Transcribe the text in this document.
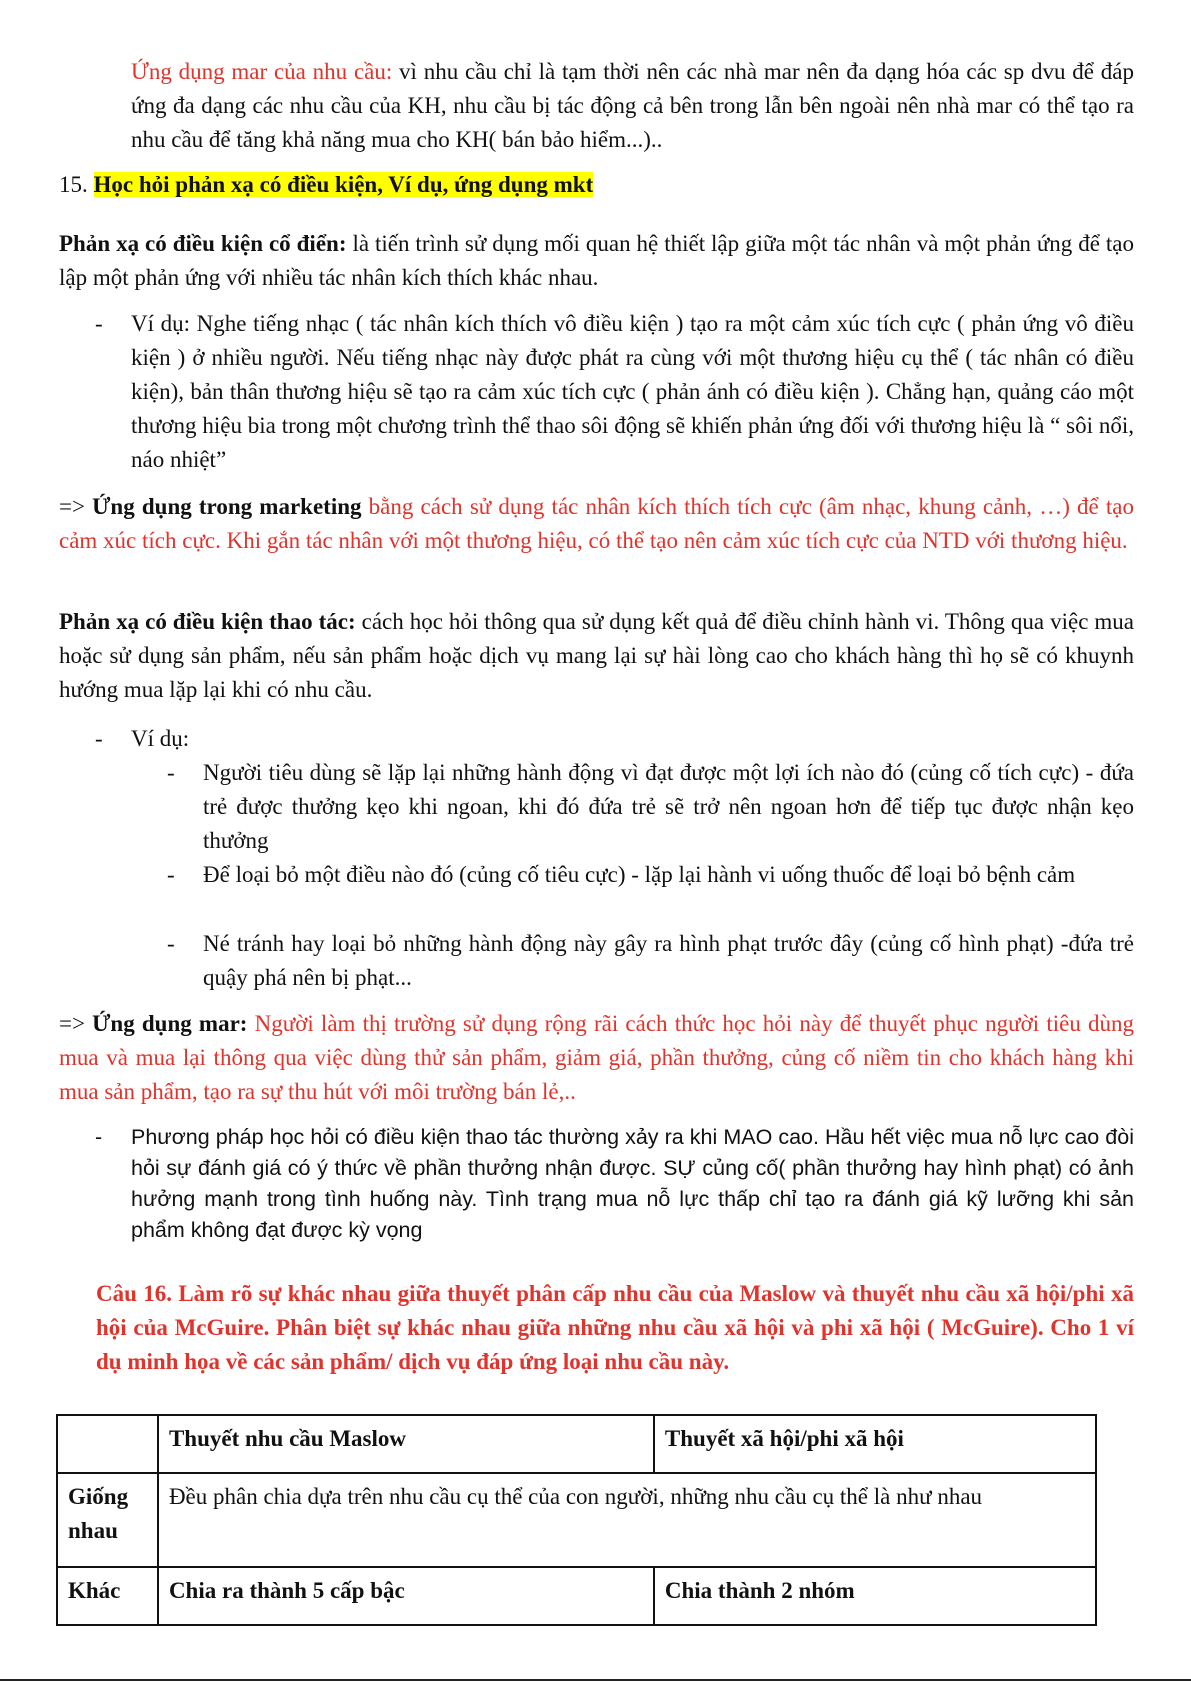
Ứng dụng mar của nhu cầu: vì nhu cầu chỉ là tạm thời nên các nhà mar nên đa dạng hóa các sp dvu để đáp ứng đa dạng các nhu cầu của KH, nhu cầu bị tác động cả bên trong lẫn bên ngoài nên nhà mar có thể tạo ra nhu cầu để tăng khả năng mua cho KH( bán bảo hiểm...)..

15. Học hỏi phản xạ có điều kiện, Ví dụ, ứng dụng mkt

Phản xạ có điều kiện cổ điển: là tiến trình sử dụng mối quan hệ thiết lập giữa một tác nhân và một phản ứng để tạo lập một phản ứng với nhiều tác nhân kích thích khác nhau.

- Ví dụ: Nghe tiếng nhạc ( tác nhân kích thích vô điều kiện ) tạo ra một cảm xúc tích cực ( phản ứng vô điều kiện ) ở nhiều người. Nếu tiếng nhạc này được phát ra cùng với một thương hiệu cụ thể ( tác nhân có điều kiện), bản thân thương hiệu sẽ tạo ra cảm xúc tích cực ( phản ánh có điều kiện ). Chẳng hạn, quảng cáo một thương hiệu bia trong một chương trình thể thao sôi động sẽ khiến phản ứng đối với thương hiệu là “ sôi nổi, náo nhiệt”

=> Ứng dụng trong marketing bằng cách sử dụng tác nhân kích thích tích cực (âm nhạc, khung cảnh, …) để tạo cảm xúc tích cực. Khi gắn tác nhân với một thương hiệu, có thể tạo nên cảm xúc tích cực của NTD với thương hiệu.

Phản xạ có điều kiện thao tác: cách học hỏi thông qua sử dụng kết quả để điều chỉnh hành vi. Thông qua việc mua hoặc sử dụng sản phẩm, nếu sản phẩm hoặc dịch vụ mang lại sự hài lòng cao cho khách hàng thì họ sẽ có khuynh hướng mua lặp lại khi có nhu cầu.

- Ví dụ:

- Người tiêu dùng sẽ lặp lại những hành động vì đạt được một lợi ích nào đó (củng cố tích cực) - đứa trẻ được thưởng kẹo khi ngoan, khi đó đứa trẻ sẽ trở nên ngoan hơn để tiếp tục được nhận kẹo thưởng

- Để loại bỏ một điều nào đó (củng cố tiêu cực) - lặp lại hành vi uống thuốc để loại bỏ bệnh cảm

- Né tránh hay loại bỏ những hành động này gây ra hình phạt trước đây (củng cố hình phạt) -đứa trẻ quậy phá nên bị phạt...

=> Ứng dụng mar: Người làm thị trường sử dụng rộng rãi cách thức học hỏi này để thuyết phục người tiêu dùng mua và mua lại thông qua việc dùng thử sản phẩm, giảm giá, phần thưởng, củng cố niềm tin cho khách hàng khi mua sản phẩm, tạo ra sự thu hút với môi trường bán lẻ,..

- Phương pháp học hỏi có điều kiện thao tác thường xảy ra khi MAO cao. Hầu hết việc mua nỗ lực cao đòi hỏi sự đánh giá có ý thức về phần thưởng nhận được. SỰ củng cố( phần thưởng hay hình phạt) có ảnh hưởng mạnh trong tình huống này. Tình trạng mua nỗ lực thấp chỉ tạo ra đánh giá kỹ lưỡng khi sản phẩm không đạt được kỳ vọng

Câu 16. Làm rõ sự khác nhau giữa thuyết phân cấp nhu cầu của Maslow và thuyết nhu cầu xã hội/phi xã hội của McGuire. Phân biệt sự khác nhau giữa những nhu cầu xã hội và phi xã hội ( McGuire). Cho 1 ví dụ minh họa về các sản phẩm/ dịch vụ đáp ứng loại nhu cầu này.

	Thuyết nhu cầu Maslow	Thuyết xã hội/phi xã hội
Giống nhau	Đều phân chia dựa trên nhu cầu cụ thể của con người, những nhu cầu cụ thể là như nhau	
Khác	Chia ra thành 5 cấp bậc	Chia thành 2 nhóm
